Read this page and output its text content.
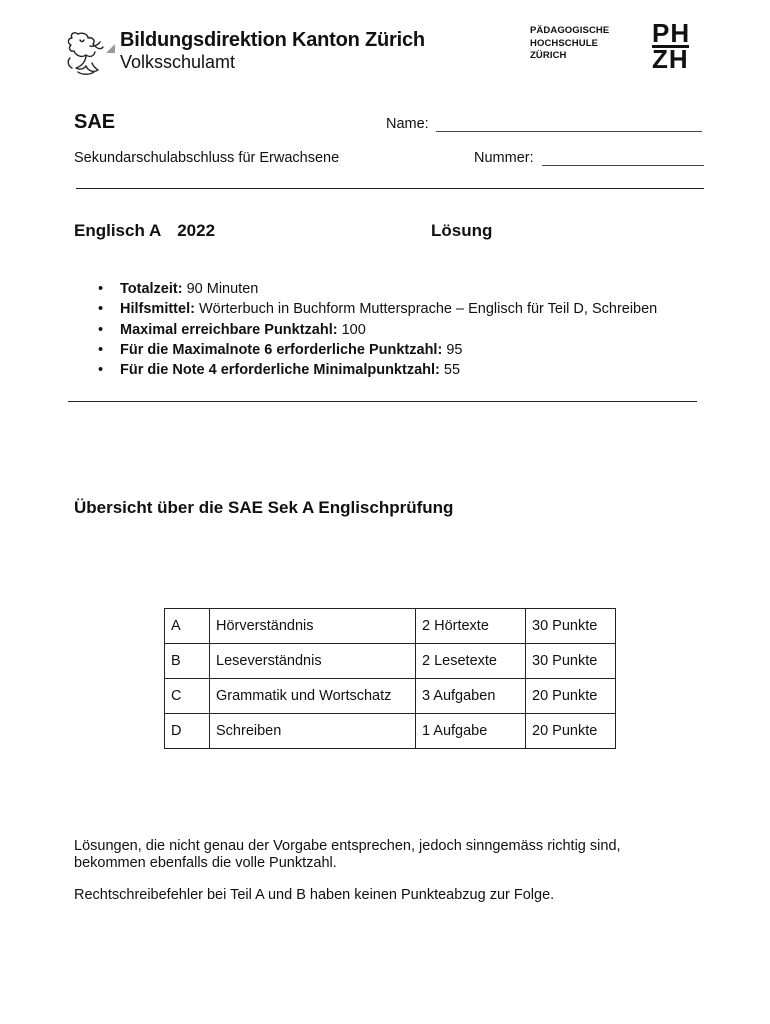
Bildungsdirektion Kanton Zürich
Volksschulamt
PÄDAGOGISCHE
HOCHSCHULE
ZÜRICH
PH
ZH
SAE	Name:
Sekundarschulabschluss für Erwachsene	Nummer:
Englisch A 2022	Lösung
• Totalzeit: 90 Minuten
• Hilfsmittel: Wörterbuch in Buchform Muttersprache – Englisch für Teil D, Schreiben
• Maximal erreichbare Punktzahl: 100
• Für die Maximalnote 6 erforderliche Punktzahl: 95
• Für die Note 4 erforderliche Minimalpunktzahl: 55
Übersicht über die SAE Sek A Englischprüfung
A	Hörverständnis	2 Hörtexte	30 Punkte
B	Leseverständnis	2 Lesetexte	30 Punkte
C	Grammatik und Wortschatz	3 Aufgaben	20 Punkte
D	Schreiben	1 Aufgabe	20 Punkte
Lösungen, die nicht genau der Vorgabe entsprechen, jedoch sinngemäss richtig sind, bekommen ebenfalls die volle Punktzahl.
Rechtschreibefehler bei Teil A und B haben keinen Punkteabzug zur Folge.
